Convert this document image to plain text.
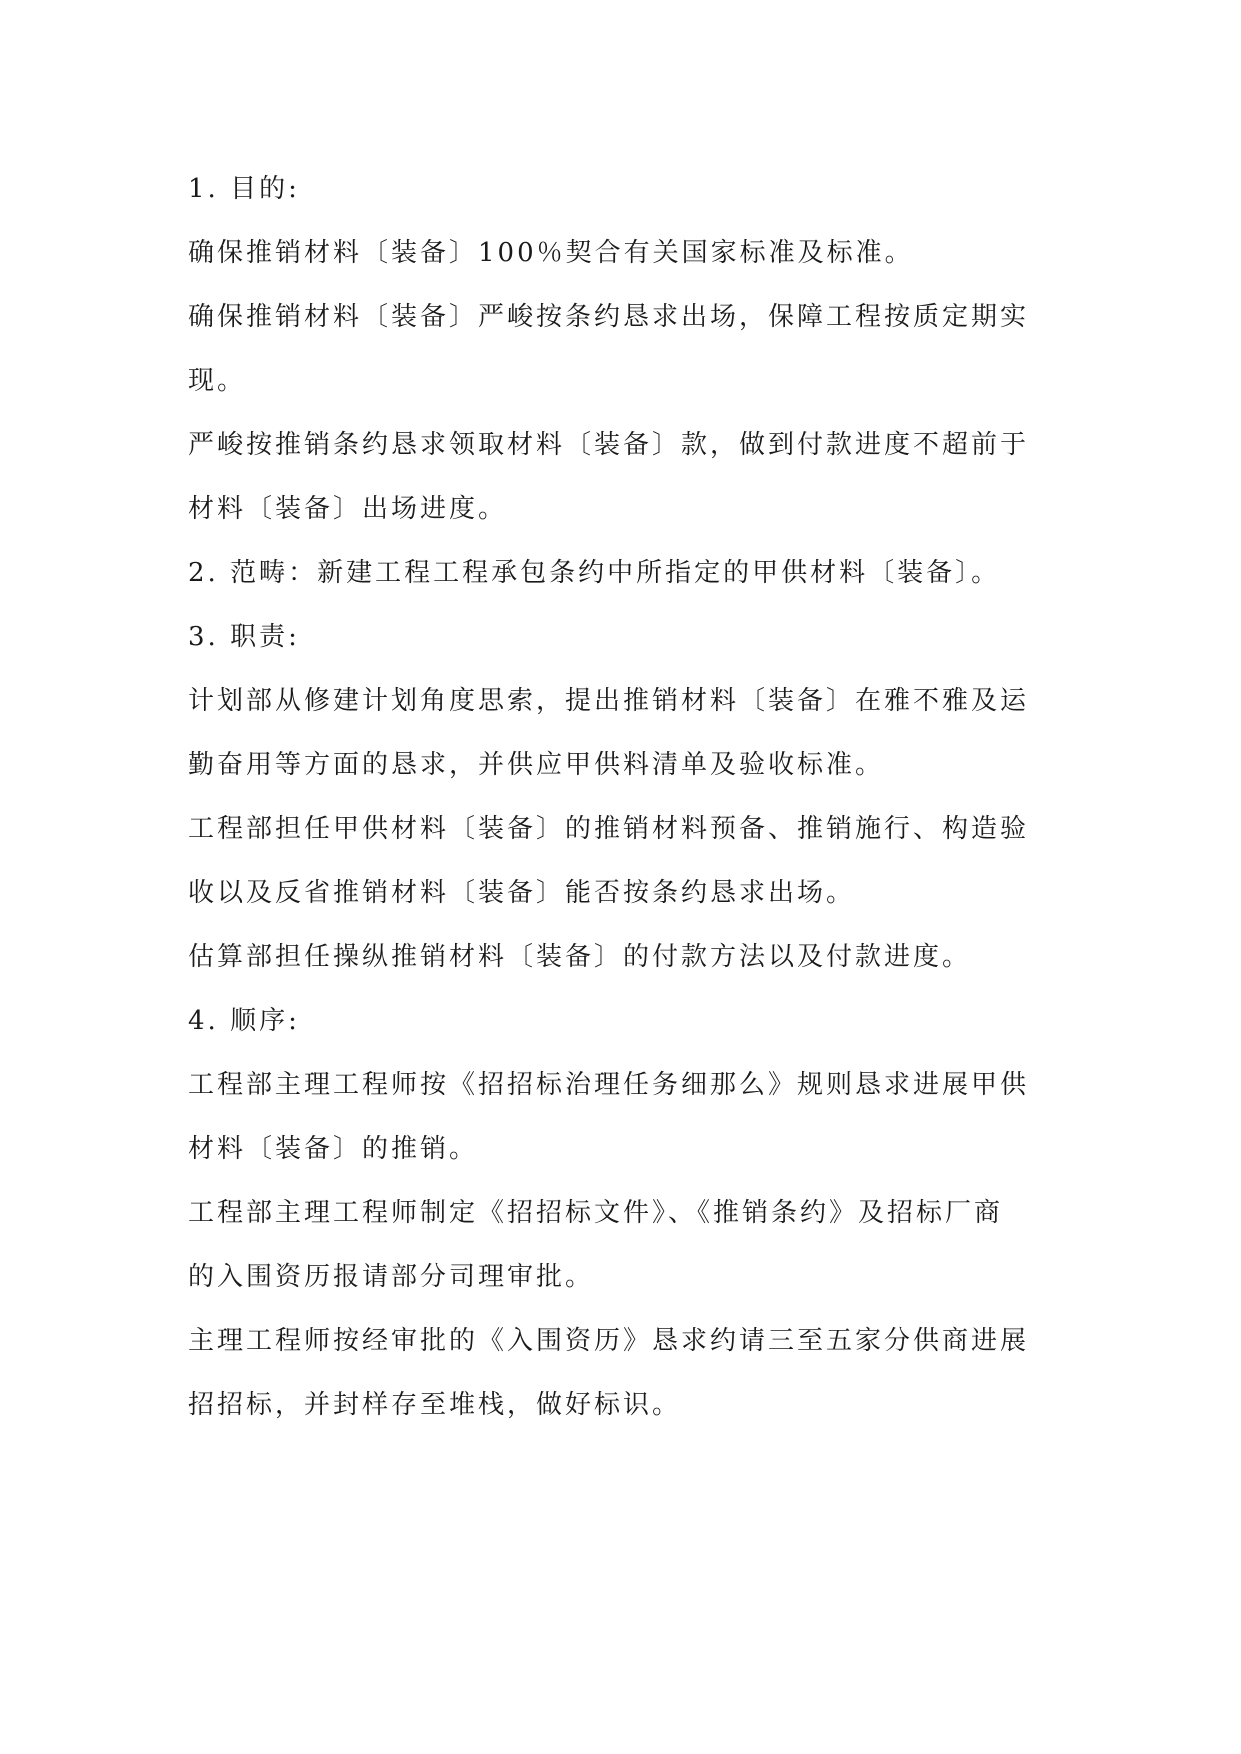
1. 目的:
确保推销材料〔装备〕100％契合有关国家标准及标准。
确保推销材料〔装备〕严峻按条约恳求出场，保障工程按质定期实
现。
严峻按推销条约恳求领取材料〔装备〕款，做到付款进度不超前于
材料〔装备〕出场进度。
2. 范畴：新建工程工程承包条约中所指定的甲供材料〔装备〕。
3. 职责:
计划部从修建计划角度思索，提出推销材料〔装备〕在雅不雅及运
勤奋用等方面的恳求，并供应甲供料清单及验收标准。
工程部担任甲供材料〔装备〕的推销材料预备、推销施行、构造验
收以及反省推销材料〔装备〕能否按条约恳求出场。
估算部担任操纵推销材料〔装备〕的付款方法以及付款进度。
4. 顺序:
工程部主理工程师按《招招标治理任务细那么》规则恳求进展甲供
材料〔装备〕的推销。
工程部主理工程师制定《招招标文件》、《推销条约》及招标厂商
的入围资历报请部分司理审批。
主理工程师按经审批的《入围资历》恳求约请三至五家分供商进展
招招标，并封样存至堆栈，做好标识。
